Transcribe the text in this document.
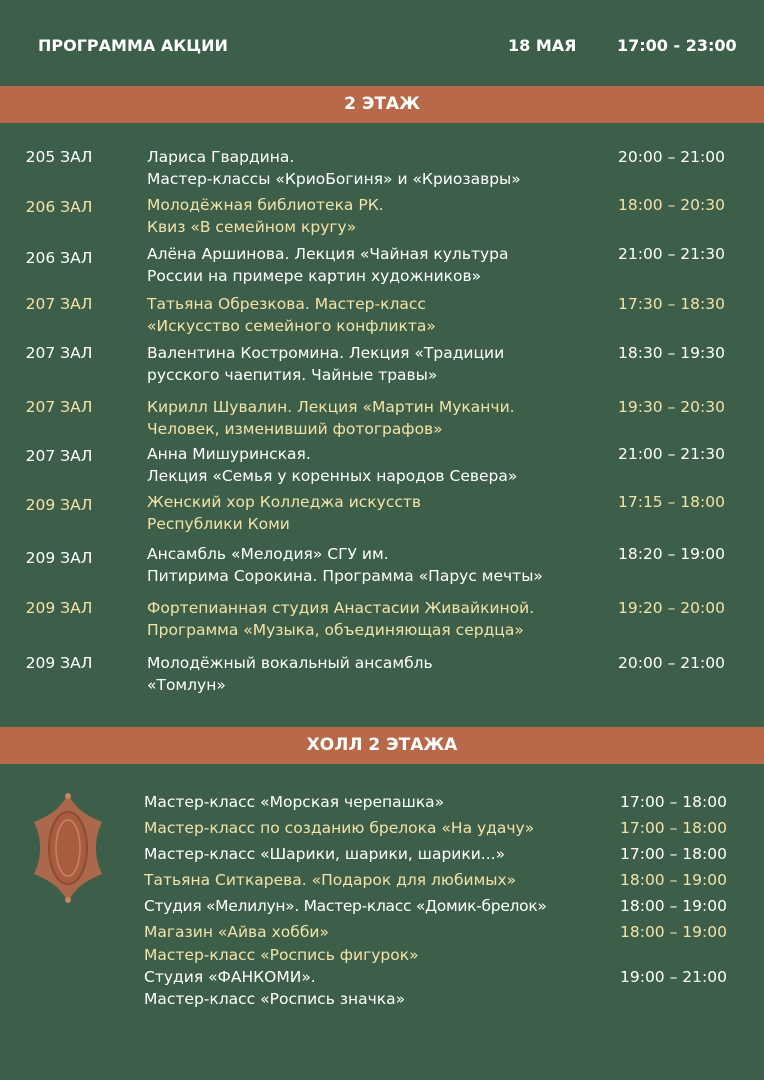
ПРОГРАММА АКЦИИ	18 МАЯ	17:00 - 23:00
2 ЭТАЖ
205 ЗАЛ	Лариса Гвардина.	20:00 – 21:00
Мастер-классы «КриоБогиня» и «Криозавры»
206 ЗАЛ	Молодёжная библиотека РК.	18:00 – 20:30
Квиз «В семейном кругу»
206 ЗАЛ	Алёна Аршинова. Лекция «Чайная культура	21:00 – 21:30
России на примере картин художников»
207 ЗАЛ	Татьяна Обрезкова. Мастер-класс	17:30 – 18:30
«Искусство семейного конфликта»
207 ЗАЛ	Валентина Костромина. Лекция «Традиции	18:30 – 19:30
русского чаепития. Чайные травы»
207 ЗАЛ	Кирилл Шувалин. Лекция «Мартин Муканчи.	19:30 – 20:30
Человек, изменивший фотографов»
207 ЗАЛ	Анна Мишуринская.	21:00 – 21:30
Лекция «Семья у коренных народов Севера»
209 ЗАЛ	Женский хор Колледжа искусств	17:15 – 18:00
Республики Коми
209 ЗАЛ	Ансамбль «Мелодия» СГУ им.	18:20 – 19:00
Питирима Сорокина. Программа «Парус мечты»
209 ЗАЛ	Фортепианная студия Анастасии Живайкиной.	19:20 – 20:00
Программа «Музыка, объединяющая сердца»
209 ЗАЛ	Молодёжный вокальный ансамбль	20:00 – 21:00
«Томлун»
ХОЛЛ 2 ЭТАЖА
Мастер-класс «Морская черепашка»	17:00 – 18:00
Мастер-класс по созданию брелока «На удачу»	17:00 – 18:00
Мастер-класс «Шарики, шарики, шарики...»	17:00 – 18:00
Татьяна Ситкарева. «Подарок для любимых»	18:00 – 19:00
Студия «Мелилун». Мастер-класс «Домик-брелок»	18:00 – 19:00
Магазин «Айва хобби»	18:00 – 19:00
Мастер-класс «Роспись фигурок»
Студия «ФАНКОМИ».	19:00 – 21:00
Мастер-класс «Роспись значка»
